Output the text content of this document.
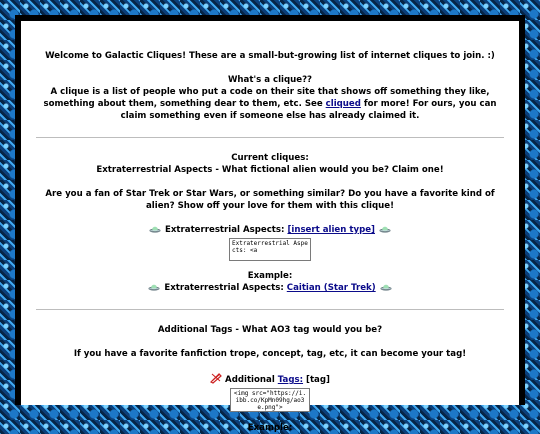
Welcome to Galactic Cliques! These are a small-but-growing list of internet cliques to join. :)

What's a clique??

A clique is a list of people who put a code on their site that shows off something they like, something about them, something dear to them, etc. See cliqued for more! For ours, you can claim something even if someone else has already claimed it.

Current cliques:

Extraterrestrial Aspects - What fictional alien would you be? Claim one!

Are you a fan of Star Trek or Star Wars, or something similar? Do you have a favorite kind of alien? Show off your love for them with this clique!

Extraterrestrial Aspects: [insert alien type]

Extraterrestrial Aspects: <a

Example:

Extraterrestrial Aspects: Caitian (Star Trek)

Additional Tags - What AO3 tag would you be?

If you have a favorite fanfiction trope, concept, tag, etc, it can become your tag!

Additional Tags: [tag]

<img src="https://i.ibb.co/KpMn09hg/ao3e.png">

Example:
